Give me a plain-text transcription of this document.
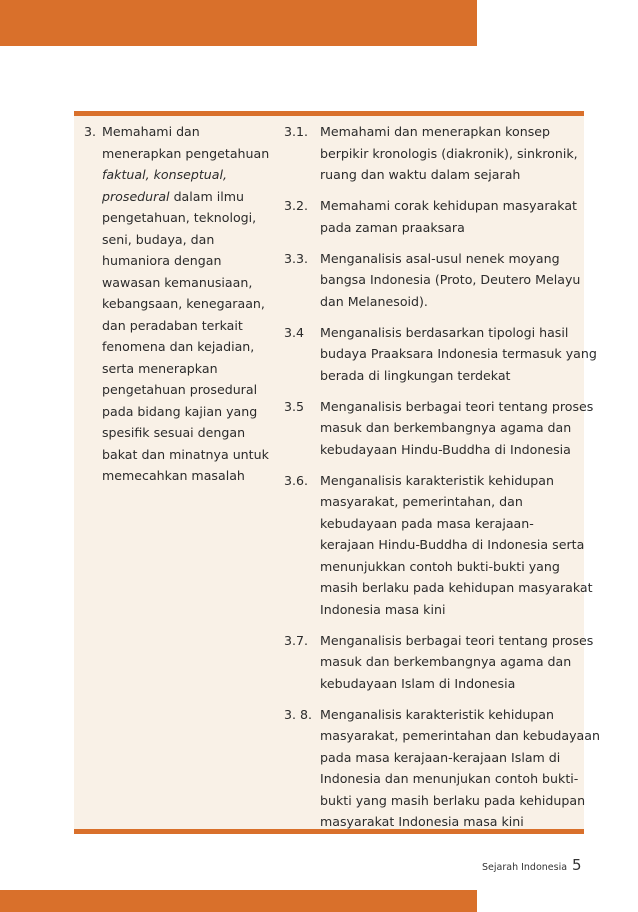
3. Memahami dan
menerapkan pengetahuan
faktual, konseptual,
prosedural dalam ilmu
pengetahuan, teknologi,
seni, budaya, dan
humaniora dengan
wawasan kemanusiaan,
kebangsaan, kenegaraan,
dan peradaban terkait
fenomena dan kejadian,
serta menerapkan
pengetahuan prosedural
pada bidang kajian yang
spesifik sesuai dengan
bakat dan minatnya untuk
memecahkan masalah
3.1. Memahami dan menerapkan konsep
berpikir kronologis (diakronik), sinkronik,
ruang dan waktu dalam sejarah
3.2. Memahami corak kehidupan masyarakat
pada zaman praaksara
3.3. Menganalisis asal-usul nenek moyang
bangsa Indonesia (Proto, Deutero Melayu
dan Melanesoid).
3.4 Menganalisis berdasarkan tipologi hasil
budaya Praaksara Indonesia termasuk yang
berada di lingkungan terdekat
3.5 Menganalisis berbagai teori tentang proses
masuk dan berkembangnya agama dan
kebudayaan Hindu-Buddha di Indonesia
3.6. Menganalisis karakteristik kehidupan
masyarakat, pemerintahan, dan
kebudayaan pada masa kerajaan-
kerajaan Hindu-Buddha di Indonesia serta
menunjukkan contoh bukti-bukti yang
masih berlaku pada kehidupan masyarakat
Indonesia masa kini
3.7. Menganalisis berbagai teori tentang proses
masuk dan berkembangnya agama dan
kebudayaan Islam di Indonesia
3. 8. Menganalisis karakteristik kehidupan
masyarakat, pemerintahan dan kebudayaan
pada masa kerajaan-kerajaan Islam di
Indonesia dan menunjukan contoh bukti-
bukti yang masih berlaku pada kehidupan
masyarakat Indonesia masa kini
Sejarah Indonesia 5
